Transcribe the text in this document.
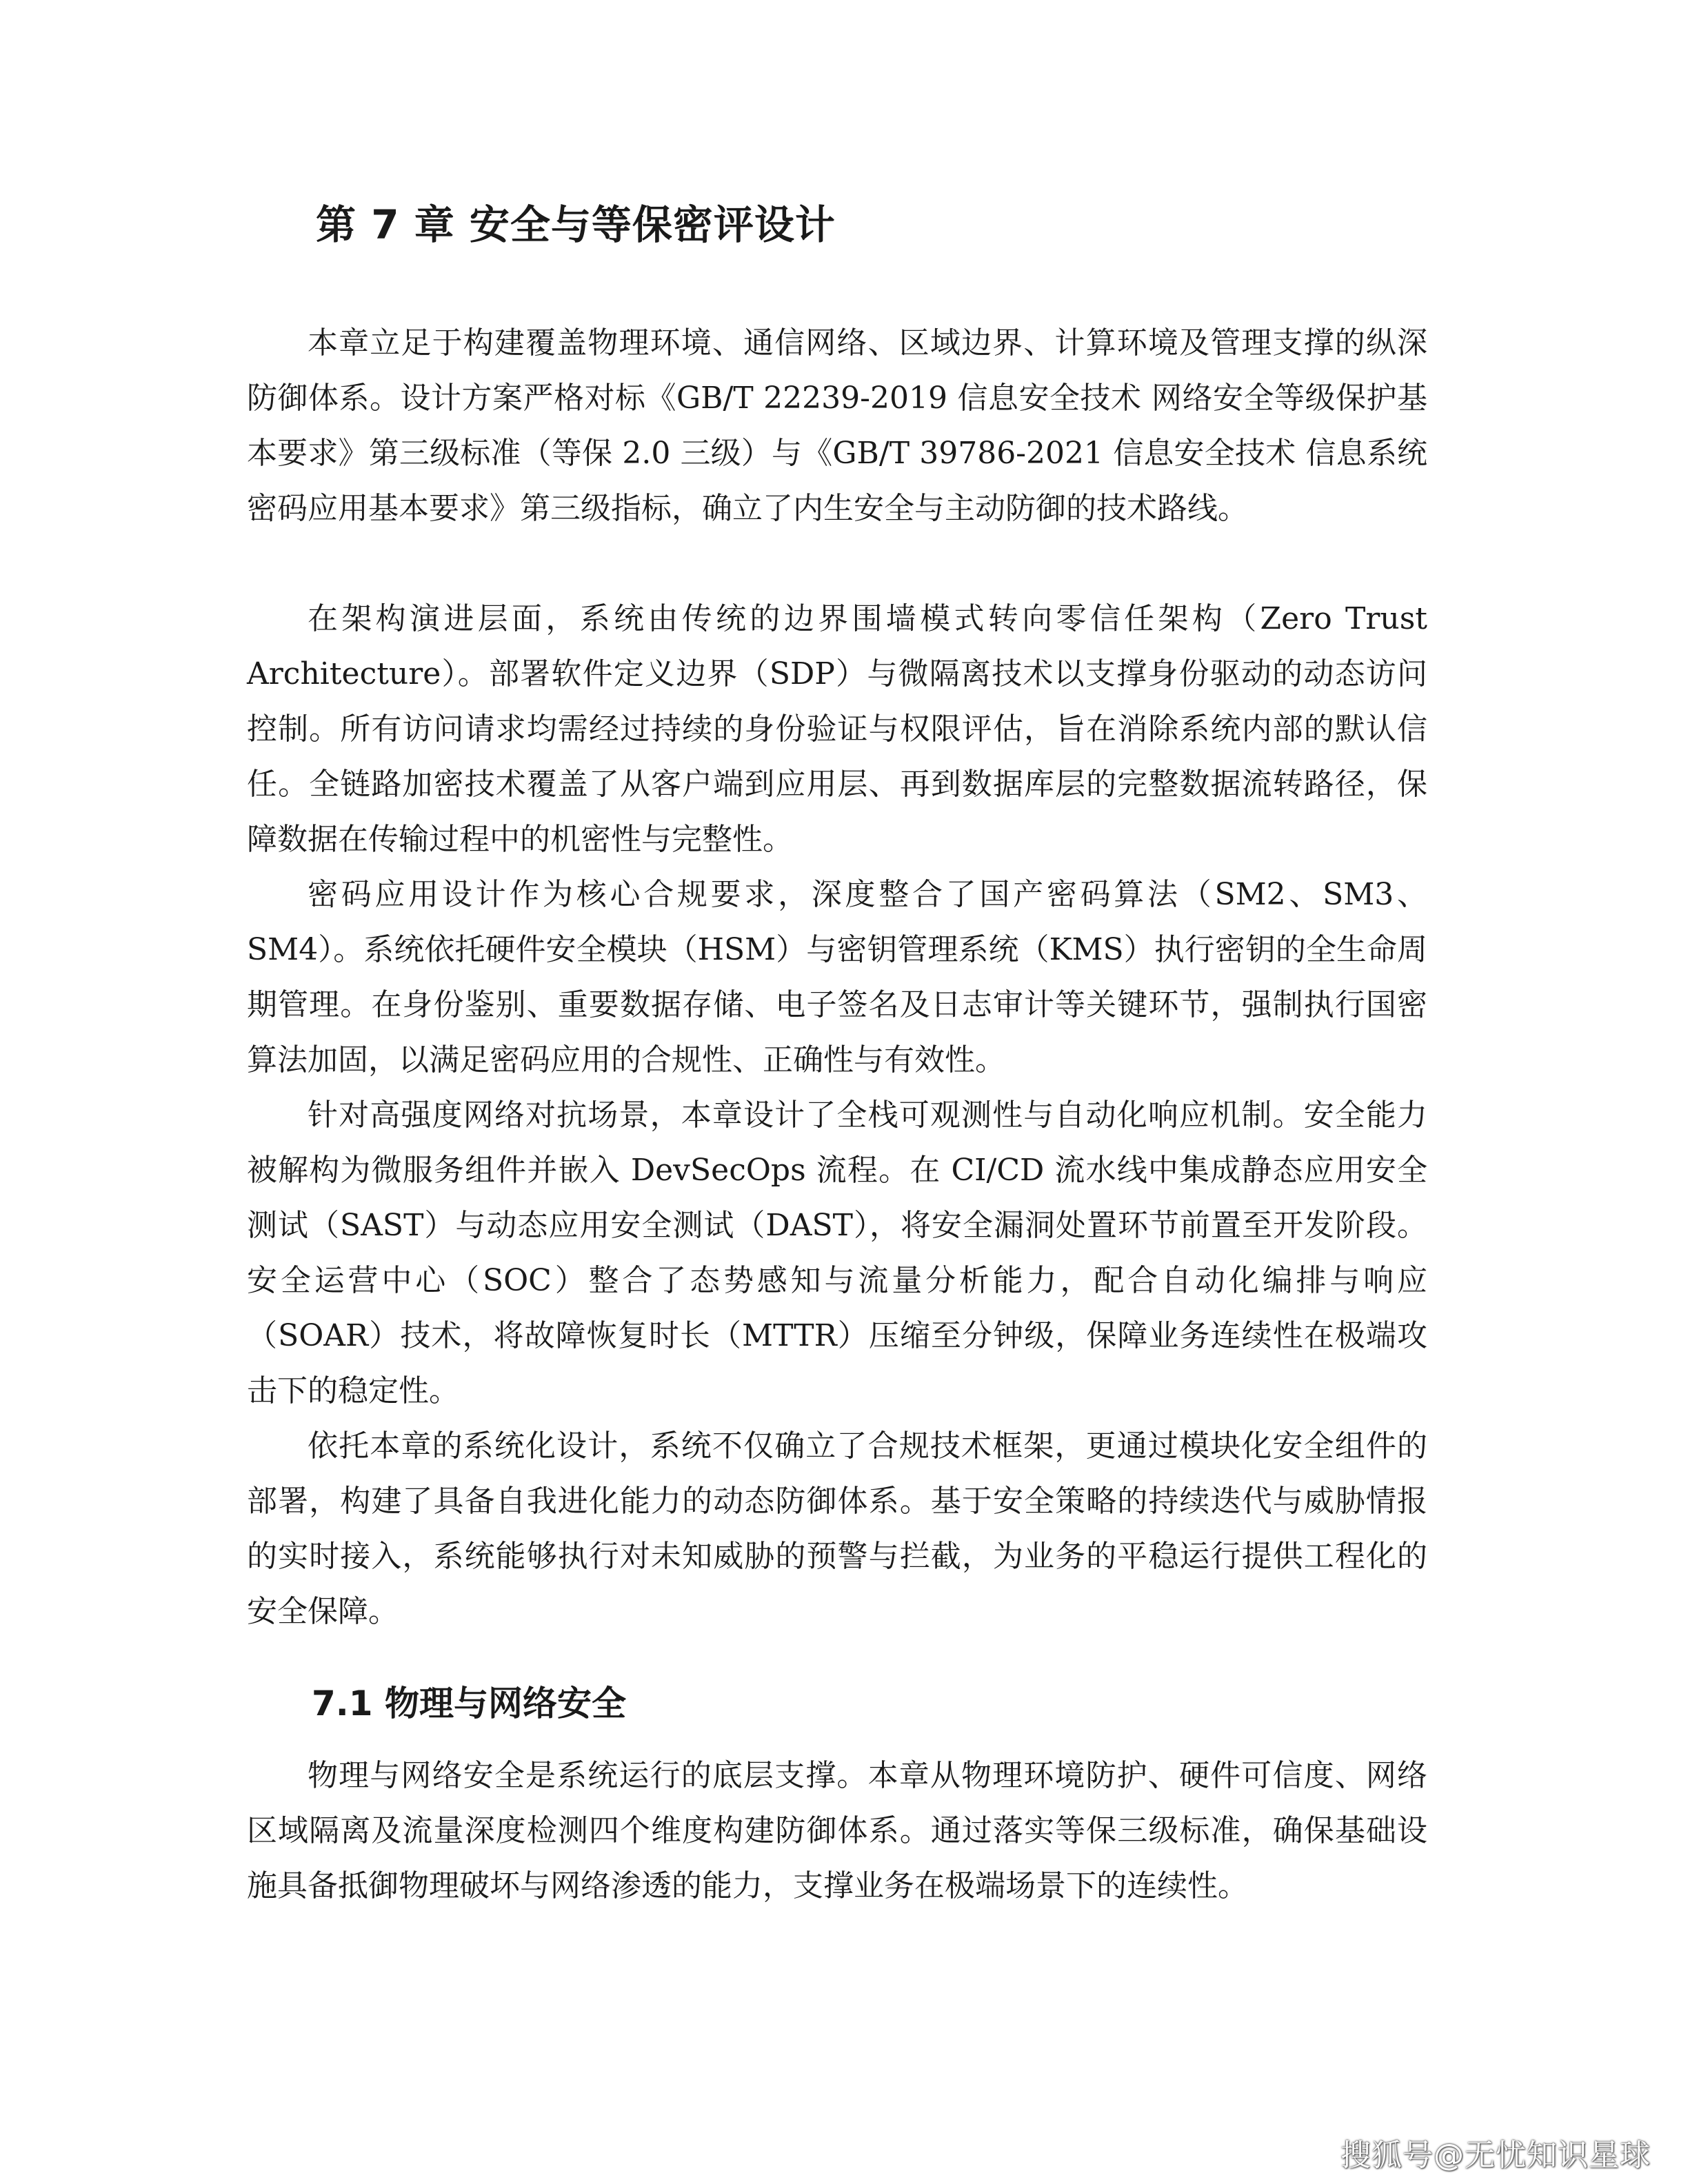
第 7 章 安全与等保密评设计

本章立足于构建覆盖物理环境、通信网络、区域边界、计算环境及管理支撑的纵深防御体系。设计方案严格对标《GB/T 22239-2019 信息安全技术 网络安全等级保护基本要求》第三级标准（等保 2.0 三级）与《GB/T 39786-2021 信息安全技术 信息系统密码应用基本要求》第三级指标，确立了内生安全与主动防御的技术路线。

在架构演进层面，系统由传统的边界围墙模式转向零信任架构（Zero Trust Architecture）。部署软件定义边界（SDP）与微隔离技术以支撑身份驱动的动态访问控制。所有访问请求均需经过持续的身份验证与权限评估，旨在消除系统内部的默认信任。全链路加密技术覆盖了从客户端到应用层、再到数据库层的完整数据流转路径，保障数据在传输过程中的机密性与完整性。

密码应用设计作为核心合规要求，深度整合了国产密码算法（SM2、SM3、SM4）。系统依托硬件安全模块（HSM）与密钥管理系统（KMS）执行密钥的全生命周期管理。在身份鉴别、重要数据存储、电子签名及日志审计等关键环节，强制执行国密算法加固，以满足密码应用的合规性、正确性与有效性。

针对高强度网络对抗场景，本章设计了全栈可观测性与自动化响应机制。安全能力被解构为微服务组件并嵌入 DevSecOps 流程。在 CI/CD 流水线中集成静态应用安全测试（SAST）与动态应用安全测试（DAST），将安全漏洞处置环节前置至开发阶段。安全运营中心（SOC）整合了态势感知与流量分析能力，配合自动化编排与响应（SOAR）技术，将故障恢复时长（MTTR）压缩至分钟级，保障业务连续性在极端攻击下的稳定性。

依托本章的系统化设计，系统不仅确立了合规技术框架，更通过模块化安全组件的部署，构建了具备自我进化能力的动态防御体系。基于安全策略的持续迭代与威胁情报的实时接入，系统能够执行对未知威胁的预警与拦截，为业务的平稳运行提供工程化的安全保障。

7.1 物理与网络安全

物理与网络安全是系统运行的底层支撑。本章从物理环境防护、硬件可信度、网络区域隔离及流量深度检测四个维度构建防御体系。通过落实等保三级标准，确保基础设施具备抵御物理破坏与网络渗透的能力，支撑业务在极端场景下的连续性。

搜狐号@无忧知识星球
